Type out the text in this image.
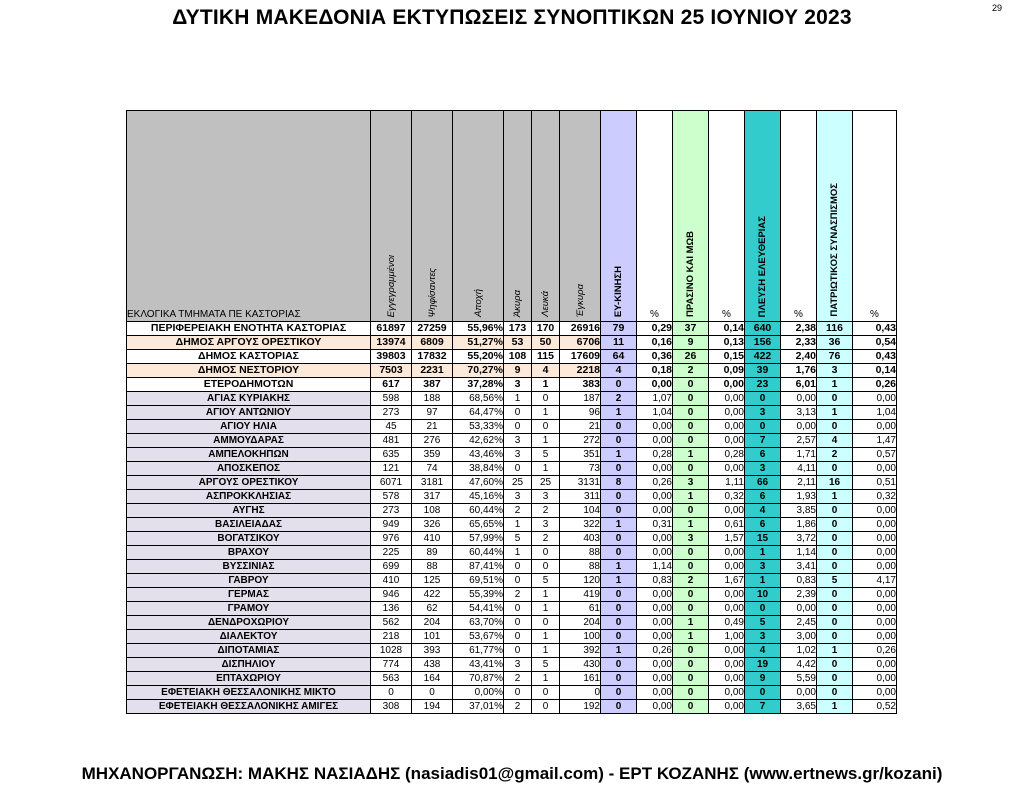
ΔΥΤΙΚΗ ΜΑΚΕΔΟΝΙΑ ΕΚΤΥΠΩΣΕΙΣ ΣΥΝΟΠΤΙΚΩΝ 25 ΙΟΥΝΙΟΥ 2023	29
ΕΚΛΟΓΙΚΑ ΤΜΗΜΑΤΑ ΠΕ ΚΑΣΤΟΡΙΑΣ	Εγγεγραμμένοι	Ψηφίσαντες	Αποχή	Άκυρα	Λευκά	Έγκυρα	ΕΥ-ΚΙΝΗΣΗ	%	ΠΡΑΣΙΝΟ ΚΑΙ ΜΩΒ	%	ΠΛΕΥΣΗ ΕΛΕΥΘΕΡΙΑΣ	%	ΠΑΤΡΙΩΤΙΚΟΣ ΣΥΝΑΣΠΙΣΜΟΣ	%
ΠΕΡΙΦΕΡΕΙΑΚΗ ΕΝΟΤΗΤΑ ΚΑΣΤΟΡΙΑΣ	61897	27259	55,96%	173	170	26916	79	0,29	37	0,14	640	2,38	116	0,43
ΔΗΜΟΣ ΑΡΓΟΥΣ ΟΡΕΣΤΙΚΟΥ	13974	6809	51,27%	53	50	6706	11	0,16	9	0,13	156	2,33	36	0,54
ΔΗΜΟΣ ΚΑΣΤΟΡΙΑΣ	39803	17832	55,20%	108	115	17609	64	0,36	26	0,15	422	2,40	76	0,43
ΔΗΜΟΣ ΝΕΣΤΟΡΙΟΥ	7503	2231	70,27%	9	4	2218	4	0,18	2	0,09	39	1,76	3	0,14
ΕΤΕΡΟΔΗΜΟΤΩΝ	617	387	37,28%	3	1	383	0	0,00	0	0,00	23	6,01	1	0,26
ΑΓΙΑΣ ΚΥΡΙΑΚΗΣ	598	188	68,56%	1	0	187	2	1,07	0	0,00	0	0,00	0	0,00
ΑΓΙΟΥ ΑΝΤΩΝΙΟΥ	273	97	64,47%	0	1	96	1	1,04	0	0,00	3	3,13	1	1,04
ΑΓΙΟΥ ΗΛΙΑ	45	21	53,33%	0	0	21	0	0,00	0	0,00	0	0,00	0	0,00
ΑΜΜΟΥΔΑΡΑΣ	481	276	42,62%	3	1	272	0	0,00	0	0,00	7	2,57	4	1,47
ΑΜΠΕΛΟΚΗΠΩΝ	635	359	43,46%	3	5	351	1	0,28	1	0,28	6	1,71	2	0,57
ΑΠΟΣΚΕΠΟΣ	121	74	38,84%	0	1	73	0	0,00	0	0,00	3	4,11	0	0,00
ΑΡΓΟΥΣ ΟΡΕΣΤΙΚΟΥ	6071	3181	47,60%	25	25	3131	8	0,26	3	1,11	66	2,11	16	0,51
ΑΣΠΡΟΚΚΛΗΣΙΑΣ	578	317	45,16%	3	3	311	0	0,00	1	0,32	6	1,93	1	0,32
ΑΥΓΗΣ	273	108	60,44%	2	2	104	0	0,00	0	0,00	4	3,85	0	0,00
ΒΑΣΙΛΕΙΑΔΑΣ	949	326	65,65%	1	3	322	1	0,31	1	0,61	6	1,86	0	0,00
ΒΟΓΑΤΣΙΚΟΥ	976	410	57,99%	5	2	403	0	0,00	3	1,57	15	3,72	0	0,00
ΒΡΑΧΟΥ	225	89	60,44%	1	0	88	0	0,00	0	0,00	1	1,14	0	0,00
ΒΥΣΣΙΝΙΑΣ	699	88	87,41%	0	0	88	1	1,14	0	0,00	3	3,41	0	0,00
ΓΑΒΡΟΥ	410	125	69,51%	0	5	120	1	0,83	2	1,67	1	0,83	5	4,17
ΓΕΡΜΑΣ	946	422	55,39%	2	1	419	0	0,00	0	0,00	10	2,39	0	0,00
ΓΡΑΜΟΥ	136	62	54,41%	0	1	61	0	0,00	0	0,00	0	0,00	0	0,00
ΔΕΝΔΡΟΧΩΡΙΟΥ	562	204	63,70%	0	0	204	0	0,00	1	0,49	5	2,45	0	0,00
ΔΙΑΛΕΚΤΟΥ	218	101	53,67%	0	1	100	0	0,00	1	1,00	3	3,00	0	0,00
ΔΙΠΟΤΑΜΙΑΣ	1028	393	61,77%	0	1	392	1	0,26	0	0,00	4	1,02	1	0,26
ΔΙΣΠΗΛΙΟΥ	774	438	43,41%	3	5	430	0	0,00	0	0,00	19	4,42	0	0,00
ΕΠΤΑΧΩΡΙΟΥ	563	164	70,87%	2	1	161	0	0,00	0	0,00	9	5,59	0	0,00
ΕΦΕΤΕΙΑΚΗ ΘΕΣΣΑΛΟΝΙΚΗΣ ΜΙΚΤΟ	0	0	0,00%	0	0	0	0	0,00	0	0,00	0	0,00	0	0,00
ΕΦΕΤΕΙΑΚΗ ΘΕΣΣΑΛΟΝΙΚΗΣ ΑΜΙΓΕΣ	308	194	37,01%	2	0	192	0	0,00	0	0,00	7	3,65	1	0,52
ΜΗΧΑΝΟΡΓΑΝΩΣΗ: ΜΑΚΗΣ ΝΑΣΙΑΔΗΣ (nasiadis01@gmail.com) - ΕΡΤ ΚΟΖΑΝΗΣ (www.ertnews.gr/kozani)
